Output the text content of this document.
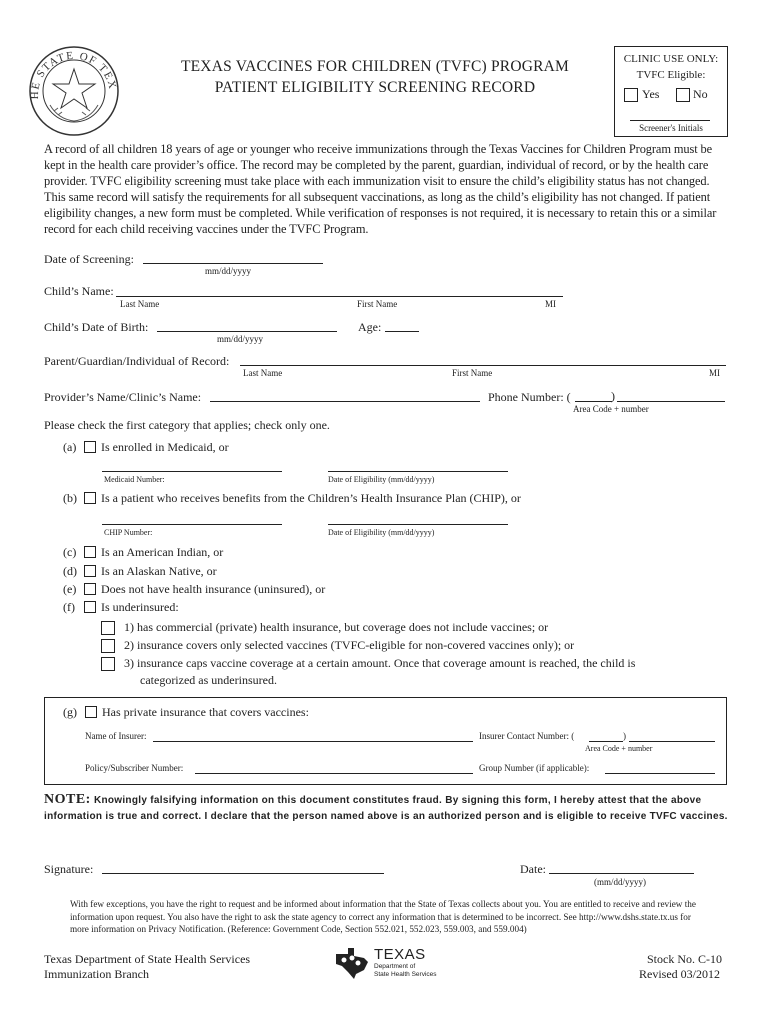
HE STATE OF TEX
TEXAS VACCINES FOR CHILDREN (TVFC) PROGRAM
PATIENT ELIGIBILITY SCREENING RECORD
CLINIC USE ONLY:
TVFC Eligible:
Yes	No
Screener's Initials
A record of all children 18 years of age or younger who receive immunizations through the Texas Vaccines for Children Program must be kept in the health care provider’s office. The record may be completed by the parent, guardian, individual of record, or by the health care provider. TVFC eligibility screening must take place with each immunization visit to ensure the child’s eligibility status has not changed. This same record will satisfy the requirements for all subsequent vaccinations, as long as the child’s eligibility has not changed. If patient eligibility changes, a new form must be completed. While verification of responses is not required, it is necessary to retain this or a similar record for each child receiving vaccines under the TVFC Program.
Date of Screening:
mm/dd/yyyy
Child’s Name:
Last Name	First Name	MI
Child’s Date of Birth:
mm/dd/yyyy
Age:
Parent/Guardian/Individual of Record:
Last Name	First Name	MI
Provider’s Name/Clinic’s Name:	Phone Number: (	)
Area Code + number
Please check the first category that applies; check only one.
(a) Is enrolled in Medicaid, or
Medicaid Number:	Date of Eligibility (mm/dd/yyyy)
(b) Is a patient who receives benefits from the Children’s Health Insurance Plan (CHIP), or
CHIP Number:	Date of Eligibility (mm/dd/yyyy)
(c) Is an American Indian, or
(d) Is an Alaskan Native, or
(e) Does not have health insurance (uninsured), or
(f) Is underinsured:
1) has commercial (private) health insurance, but coverage does not include vaccines; or
2) insurance covers only selected vaccines (TVFC-eligible for non-covered vaccines only); or
3) insurance caps vaccine coverage at a certain amount. Once that coverage amount is reached, the child is
categorized as underinsured.
(g) Has private insurance that covers vaccines:
Name of Insurer:	Insurer Contact Number: (	)
Area Code + number
Policy/Subscriber Number:	Group Number (if applicable):
NOTE: Knowingly falsifying information on this document constitutes fraud. By signing this form, I hereby attest that the above information is true and correct. I declare that the person named above is an authorized person and is eligible to receive TVFC vaccines.
Signature:	Date:
(mm/dd/yyyy)
With few exceptions, you have the right to request and be informed about information that the State of Texas collects about you. You are entitled to receive and review the information upon request. You also have the right to ask the state agency to correct any information that is determined to be incorrect. See http://www.dshs.state.tx.us for more information on Privacy Notification. (Reference: Government Code, Section 552.021, 552.023, 559.003, and 559.004)
Texas Department of State Health Services
Immunization Branch
TEXAS
Department of
State Health Services
Stock No. C-10
Revised 03/2012
